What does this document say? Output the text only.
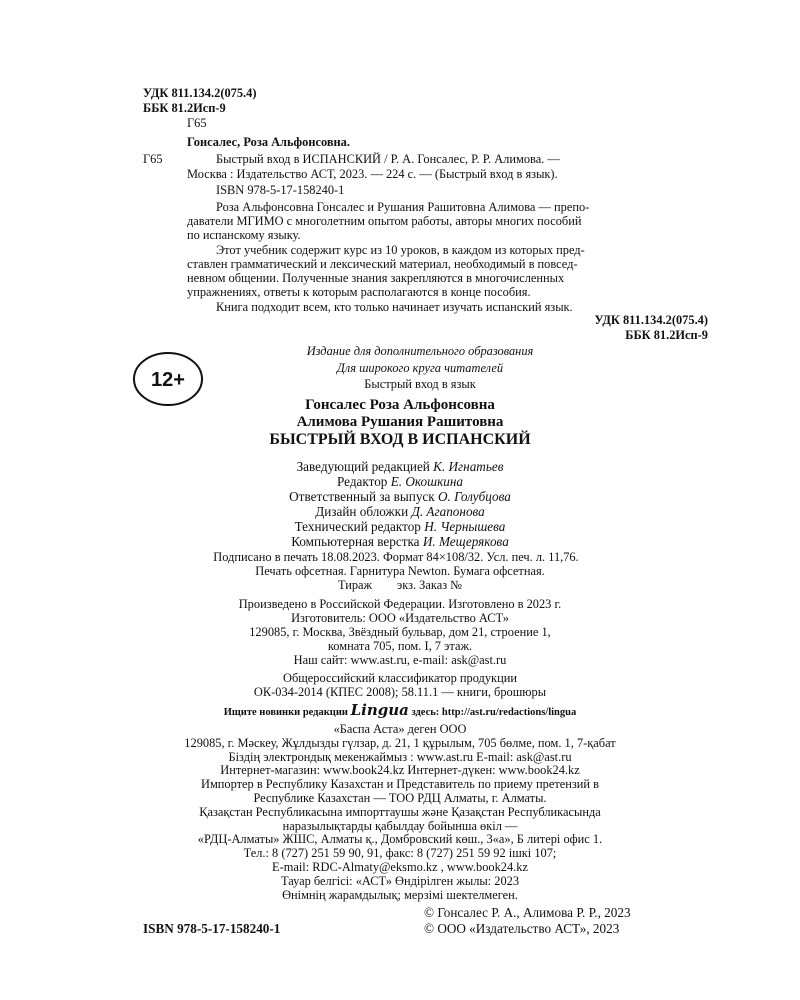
УДК 811.134.2(075.4)
ББК 81.2Исп-9
Г65
Гонсалес, Роза Альфонсовна.
Г65	Быстрый вход в ИСПАНСКИЙ / Р. А. Гонсалес, Р. Р. Алимова. —
Москва : Издательство АСТ, 2023. — 224 с. — (Быстрый вход в язык).
ISBN 978-5-17-158240-1
Роза Альфонсовна Гонсалес и Рушания Рашитовна Алимова — препо-
даватели МГИМО с многолетним опытом работы, авторы многих пособий
по испанскому языку.
Этот учебник содержит курс из 10 уроков, в каждом из которых пред-
ставлен грамматический и лексический материал, необходимый в повсед-
невном общении. Полученные знания закрепляются в многочисленных
упражнениях, ответы к которым располагаются в конце пособия.
Книга подходит всем, кто только начинает изучать испанский язык.
УДК 811.134.2(075.4)
ББК 81.2Исп-9
12+
Издание для дополнительного образования
Для широкого круга читателей
Быстрый вход в язык
Гонсалес Роза Альфонсовна
Алимова Рушания Рашитовна
БЫСТРЫЙ ВХОД В ИСПАНСКИЙ
Заведующий редакцией К. Игнатьев
Редактор Е. Окошкина
Ответственный за выпуск О. Голубцова
Дизайн обложки Д. Агапонова
Технический редактор Н. Чернышева
Компьютерная верстка И. Мещерякова
Подписано в печать 18.08.2023. Формат 84×108/32. Усл. печ. л. 11,76.
Печать офсетная. Гарнитура Newton. Бумага офсетная.
Тираж        экз. Заказ №
Произведено в Российской Федерации. Изготовлено в 2023 г.
Изготовитель: ООО «Издательство АСТ»
129085, г. Москва, Звёздный бульвар, дом 21, строение 1,
комната 705, пом. I, 7 этаж.
Наш сайт: www.ast.ru, e-mail: ask@ast.ru
Общероссийский классификатор продукции
ОК-034-2014 (КПЕС 2008); 58.11.1 — книги, брошюры
Ищите новинки редакции Lingua здесь: http://ast.ru/redactions/lingua
«Баспа Аста» деген ООО
129085, г. Мәскеу, Жұлдызды гүлзар, д. 21, 1 құрылым, 705 бөлме, пом. 1, 7-қабат
Біздің электрондық мекенжаймыз : www.ast.ru E-mail: ask@ast.ru
Интернет-магазин: www.book24.kz Интернет-дүкен: www.book24.kz
Импортер в Республику Казахстан и Представитель по приему претензий в
Республике Казахстан — ТОО РДЦ Алматы, г. Алматы.
Қазақстан Республикасына импорттаушы және Қазақстан Республикасында
наразылықтарды қабылдау бойынша өкіл —
«РДЦ-Алматы» ЖШС, Алматы қ., Домбровский көш., 3«а», Б литері офис 1.
Тел.: 8 (727) 251 59 90, 91, факс: 8 (727) 251 59 92 ішкі 107;
E-mail: RDC-Almaty@eksmo.kz , www.book24.kz
Тауар белгісі: «АСТ» Өндірілген жылы: 2023
Өнімнің жарамдылық; мерзімі шектелмеген.
© Гонсалес Р. А., Алимова Р. Р., 2023
ISBN 978-5-17-158240-1	© ООО «Издательство АСТ», 2023
